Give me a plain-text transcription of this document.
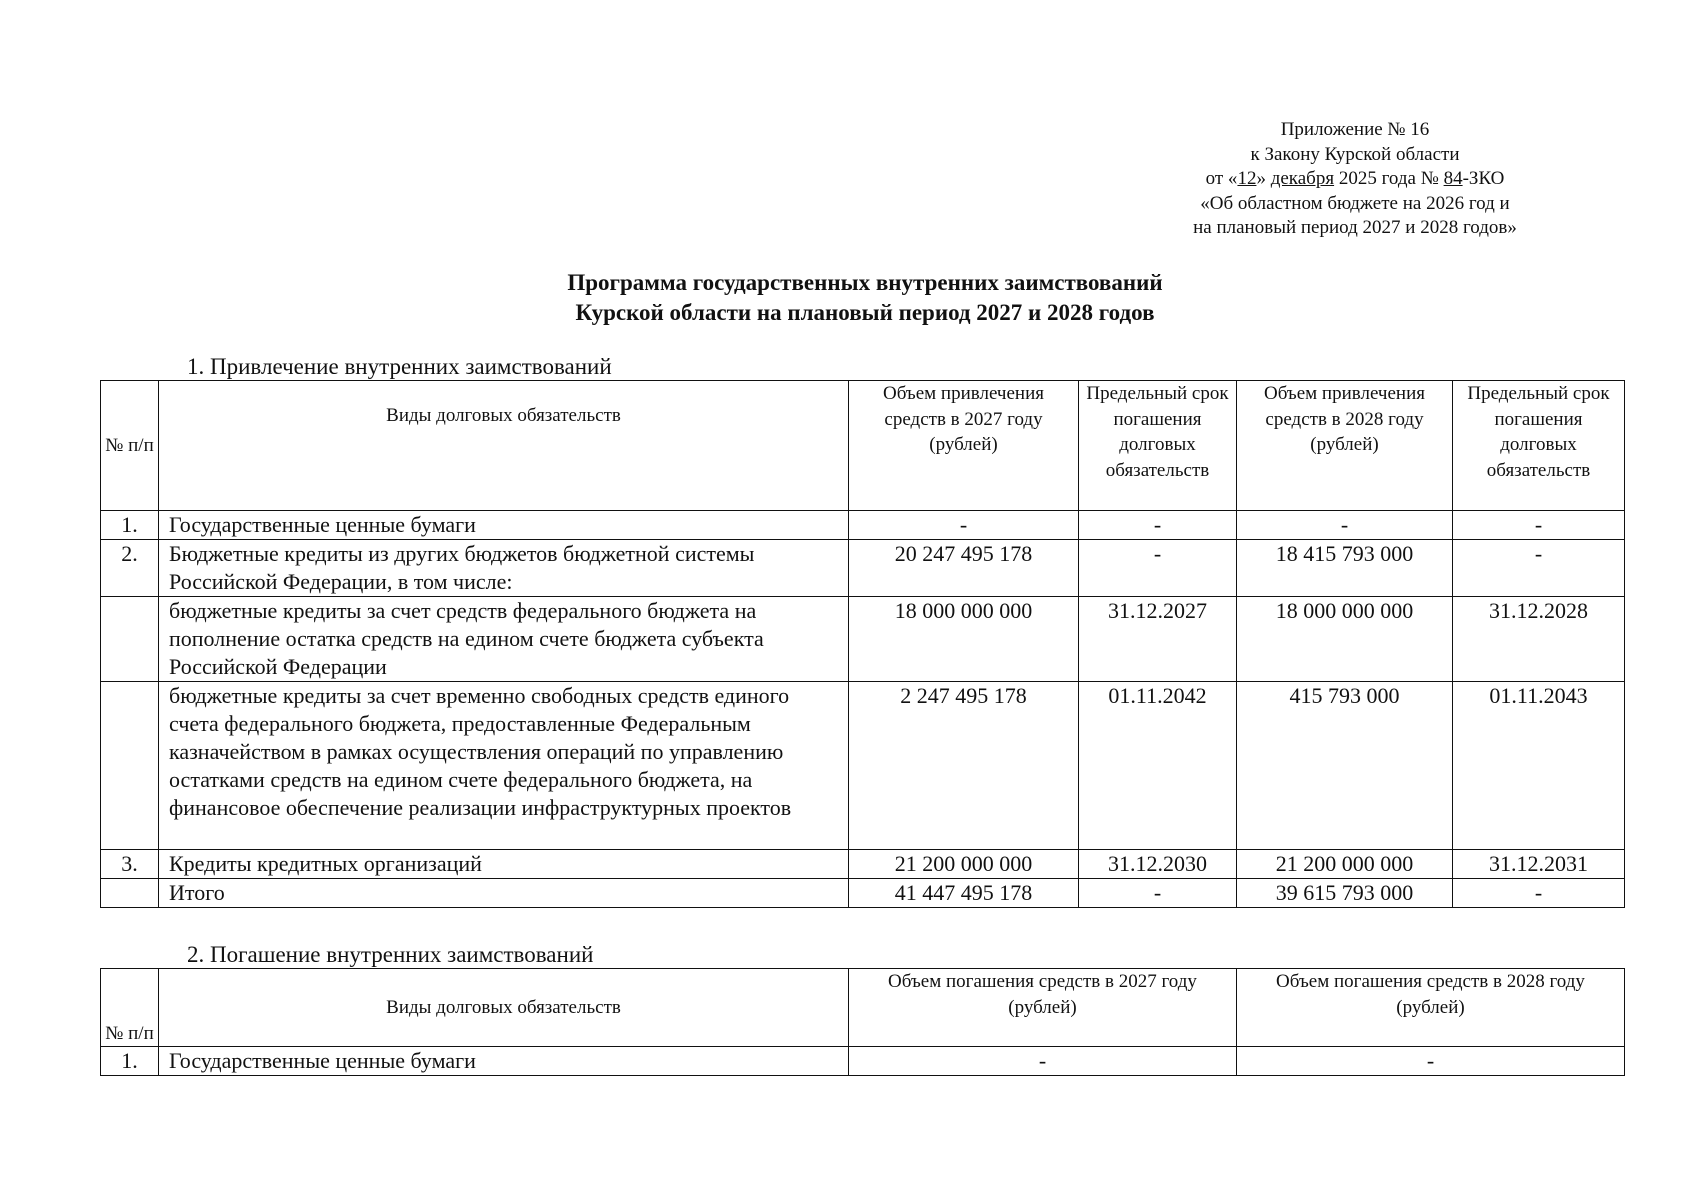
Приложение № 16
к Закону Курской области
от «12» декабря 2025 года № 84-ЗКО
«Об областном бюджете на 2026 год и
на плановый период 2027 и 2028 годов»
Программа государственных внутренних заимствований
Курской области на плановый период 2027 и 2028 годов
1. Привлечение внутренних заимствований
№ п/п	Виды долговых обязательств	Объем привлечения средств в 2027 году (рублей)	Предельный срок погашения долговых обязательств	Объем привлечения средств в 2028 году (рублей)	Предельный срок погашения долговых обязательств
1.	Государственные ценные бумаги	-	-	-	-
2.	Бюджетные кредиты из других бюджетов бюджетной системы Российской Федерации, в том числе:	20 247 495 178	-	18 415 793 000	-
	бюджетные кредиты за счет средств федерального бюджета на пополнение остатка средств на едином счете бюджета субъекта Российской Федерации	18 000 000 000	31.12.2027	18 000 000 000	31.12.2028
	бюджетные кредиты за счет временно свободных средств единого счета федерального бюджета, предоставленные Федеральным казначейством в рамках осуществления операций по управлению остатками средств на едином счете федерального бюджета, на финансовое обеспечение реализации инфраструктурных проектов	2 247 495 178	01.11.2042	415 793 000	01.11.2043
3.	Кредиты кредитных организаций	21 200 000 000	31.12.2030	21 200 000 000	31.12.2031
	Итого	41 447 495 178	-	39 615 793 000	-
2. Погашение внутренних заимствований
№ п/п	Виды долговых обязательств	Объем погашения средств в 2027 году (рублей)	Объем погашения средств в 2028 году (рублей)
1.	Государственные ценные бумаги	-	-
